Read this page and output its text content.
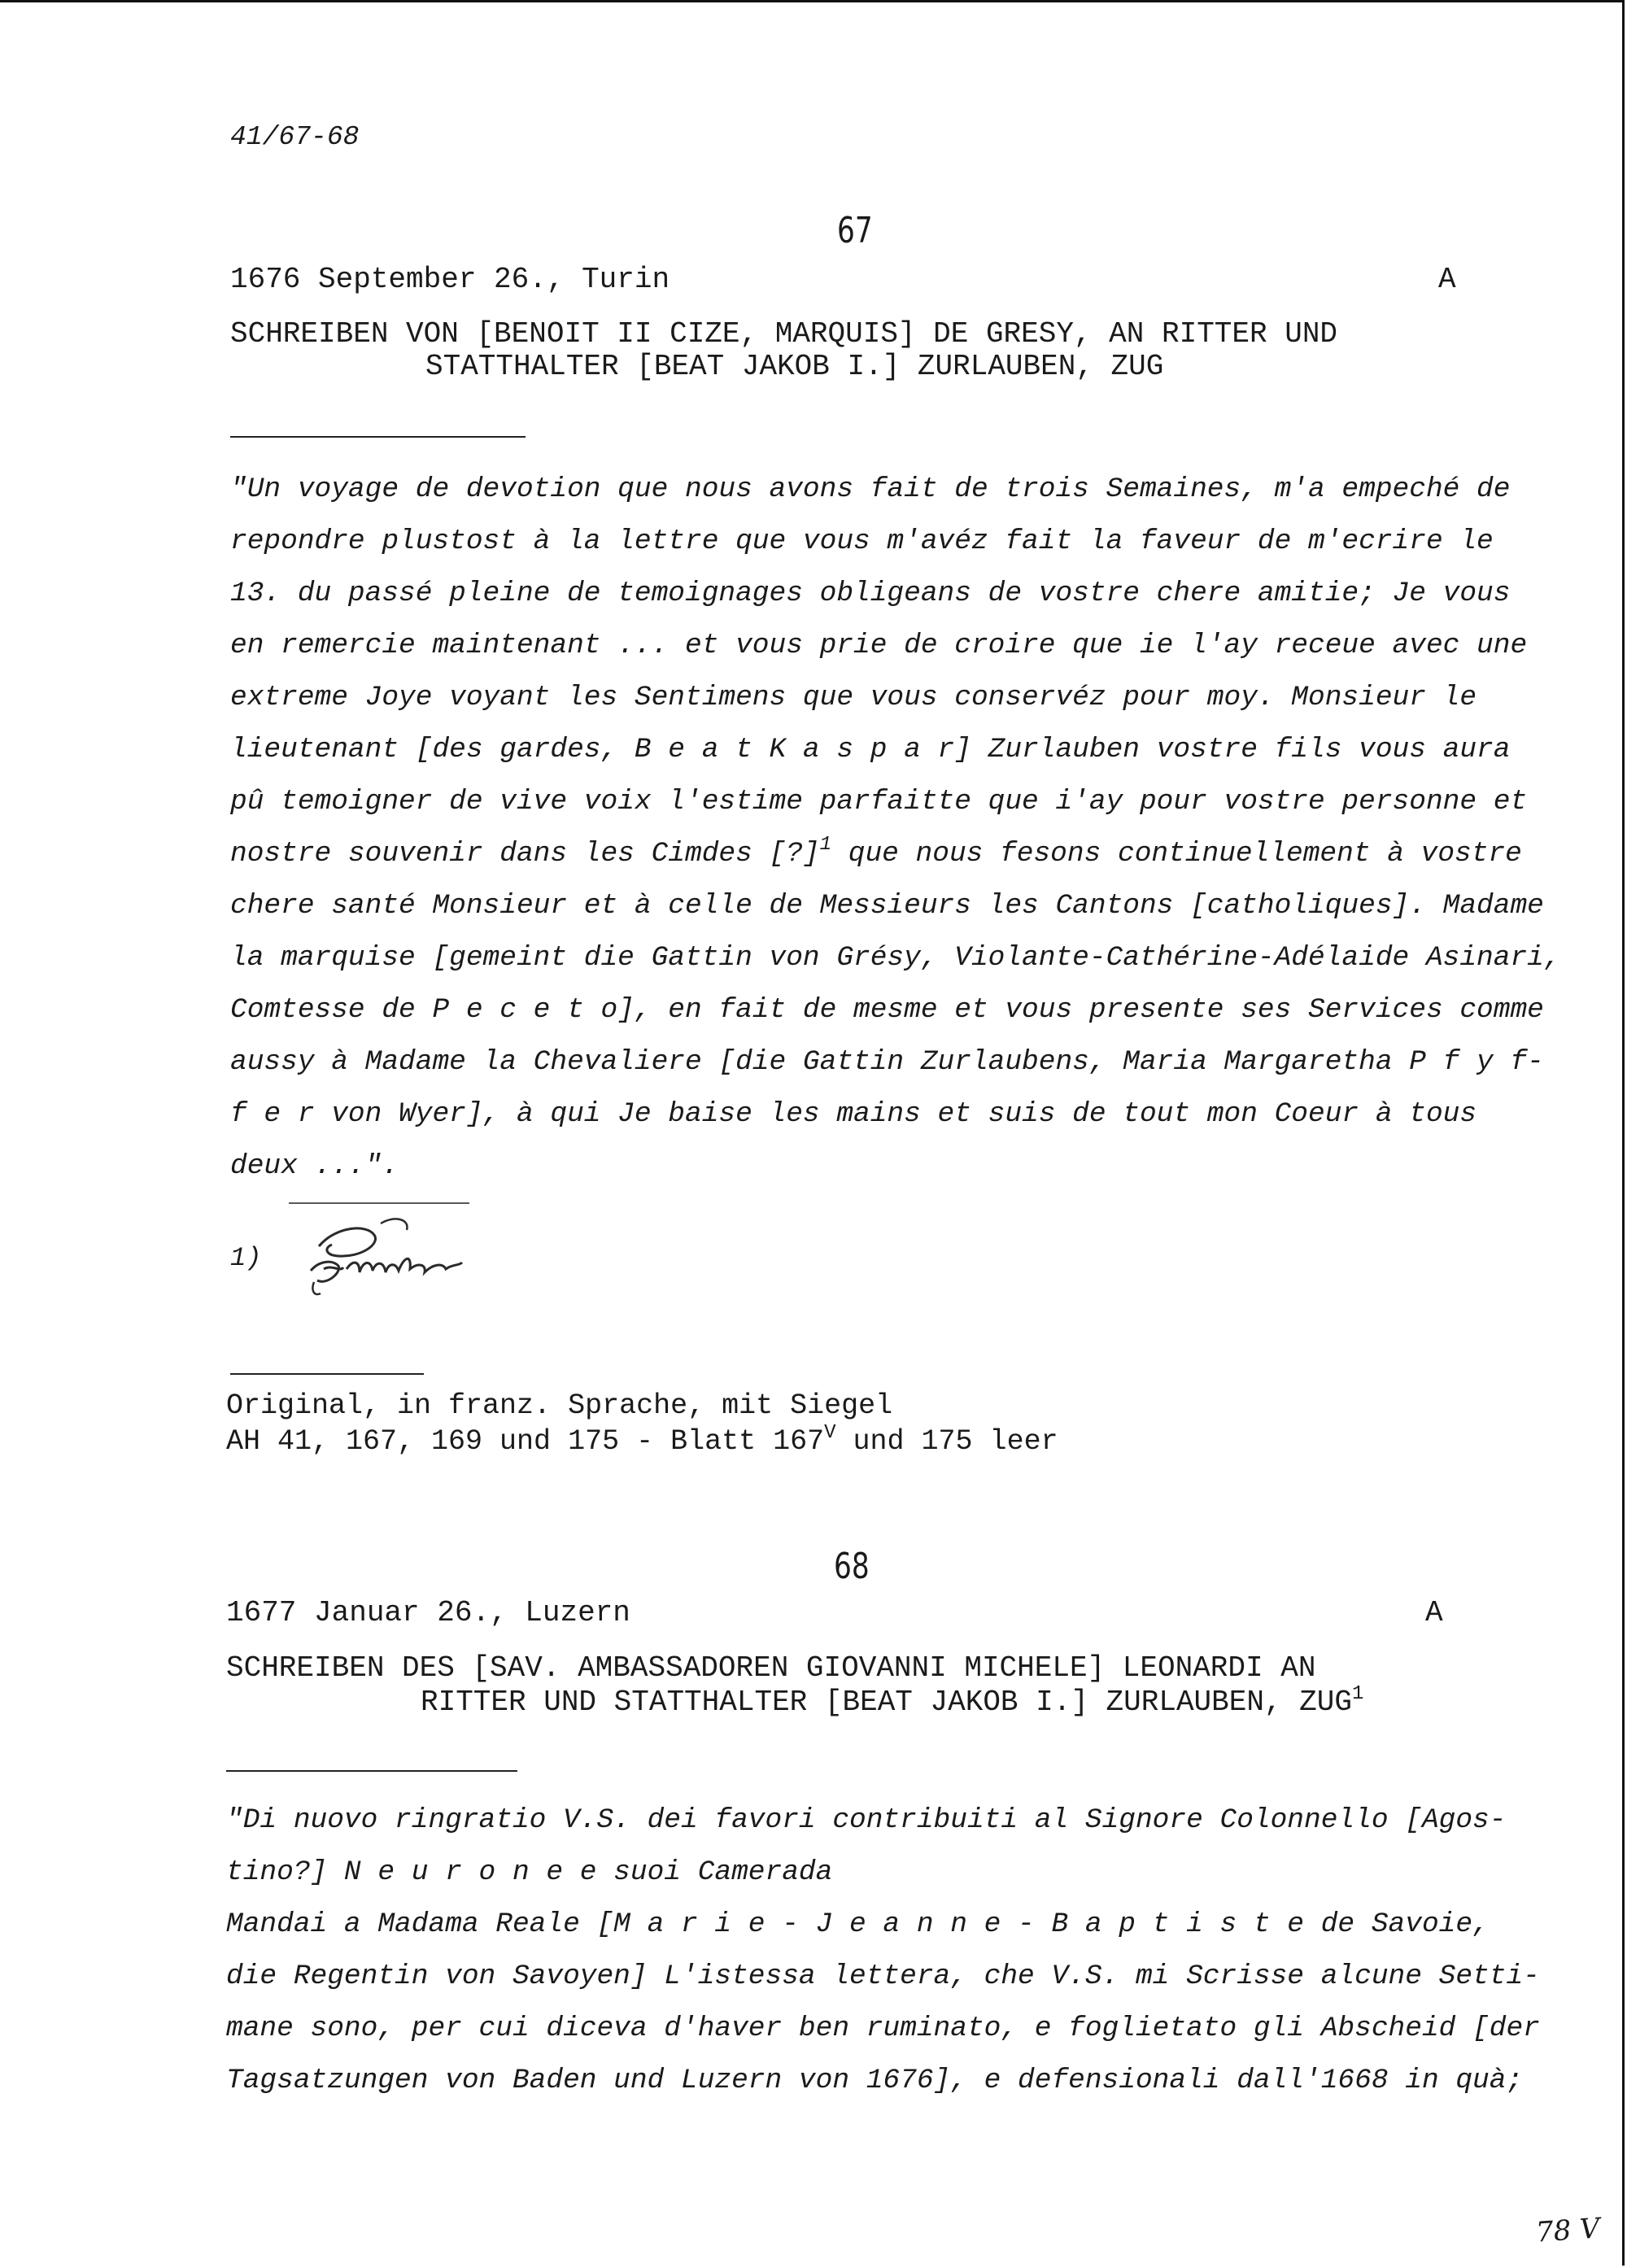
41/67-68
67
1676 September 26., Turin	A
SCHREIBEN VON [BENOIT II CIZE, MARQUIS] DE GRESY, AN RITTER UND
STATTHALTER [BEAT JAKOB I.] ZURLAUBEN, ZUG
"Un voyage de devotion que nous avons fait de trois Semaines, m'a empeché de
repondre plustost à la lettre que vous m'avéz fait la faveur de m'ecrire le
13. du passé pleine de temoignages obligeans de vostre chere amitie; Je vous
en remercie maintenant ... et vous prie de croire que ie l'ay receue avec une
extreme Joye voyant les Sentimens que vous conservéz pour moy. Monsieur le
lieutenant [des gardes, B e a t K a s p a r] Zurlauben vostre fils vous aura
pû temoigner de vive voix l'estime parfaitte que i'ay pour vostre personne et
nostre souvenir dans les Cimdes [?]$^1$ que nous fesons continuellement à vostre
chere santé Monsieur et à celle de Messieurs les Cantons [catholiques]. Madame
la marquise [gemeint die Gattin von Grésy, Violante-Cathérine-Adélaide Asinari,
Comtesse de P e c e t o], en fait de mesme et vous presente ses Services comme
aussy à Madame la Chevaliere [die Gattin Zurlaubens, Maria Margaretha P f y f-
f e r von Wyer], à qui Je baise les mains et suis de tout mon Coeur à tous
deux ...".
1)
Original, in franz. Sprache, mit Siegel
AH 41, 167, 169 und 175 - Blatt $167^V$ und 175 leer
68
1677 Januar 26., Luzern	A
SCHREIBEN DES [SAV. AMBASSADOREN GIOVANNI MICHELE] LEONARDI AN
RITTER UND STATTHALTER [BEAT JAKOB I.] ZURLAUBEN, ZUG$^1$
"Di nuovo ringratio V.S. dei favori contribuiti al Signore Colonnello [Agos-
tino?] N e u r o n e e suoi Camerada
Mandai a Madama Reale [M a r i e - J e a n n e - B a p t i s t e de Savoie,
die Regentin von Savoyen] L'istessa lettera, che V.S. mi Scrisse alcune Setti-
mane sono, per cui diceva d'haver ben ruminato, e foglietato gli Abscheid [der
Tagsatzungen von Baden und Luzern von 1676], e defensionali dall'1668 in quà;
78 V
